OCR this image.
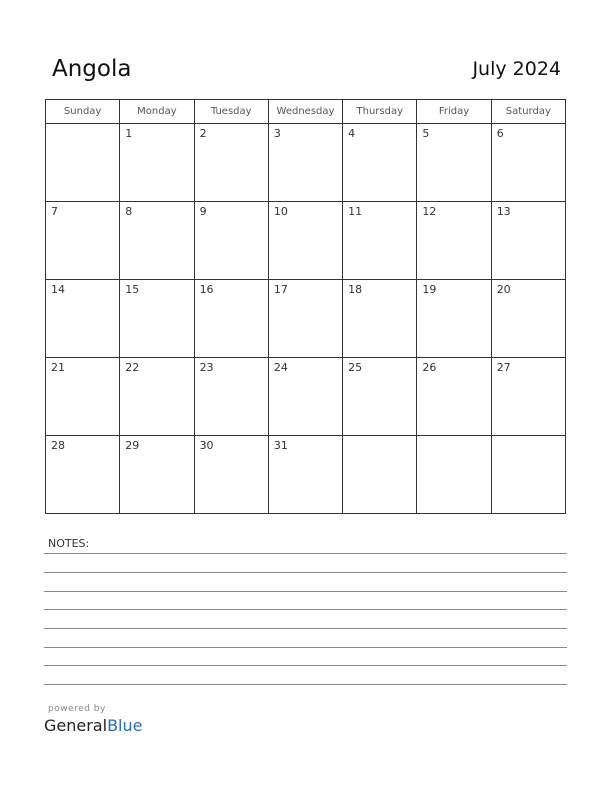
Angola	July 2024
Sunday	Monday	Tuesday	Wednesday	Thursday	Friday	Saturday

	1	2	3	4	5	6

7	8	9	10	11	12	13

14	15	16	17	18	19	20

21	22	23	24	25	26	27

28	29	30	31			

NOTES:
powered by
GeneralBlue
